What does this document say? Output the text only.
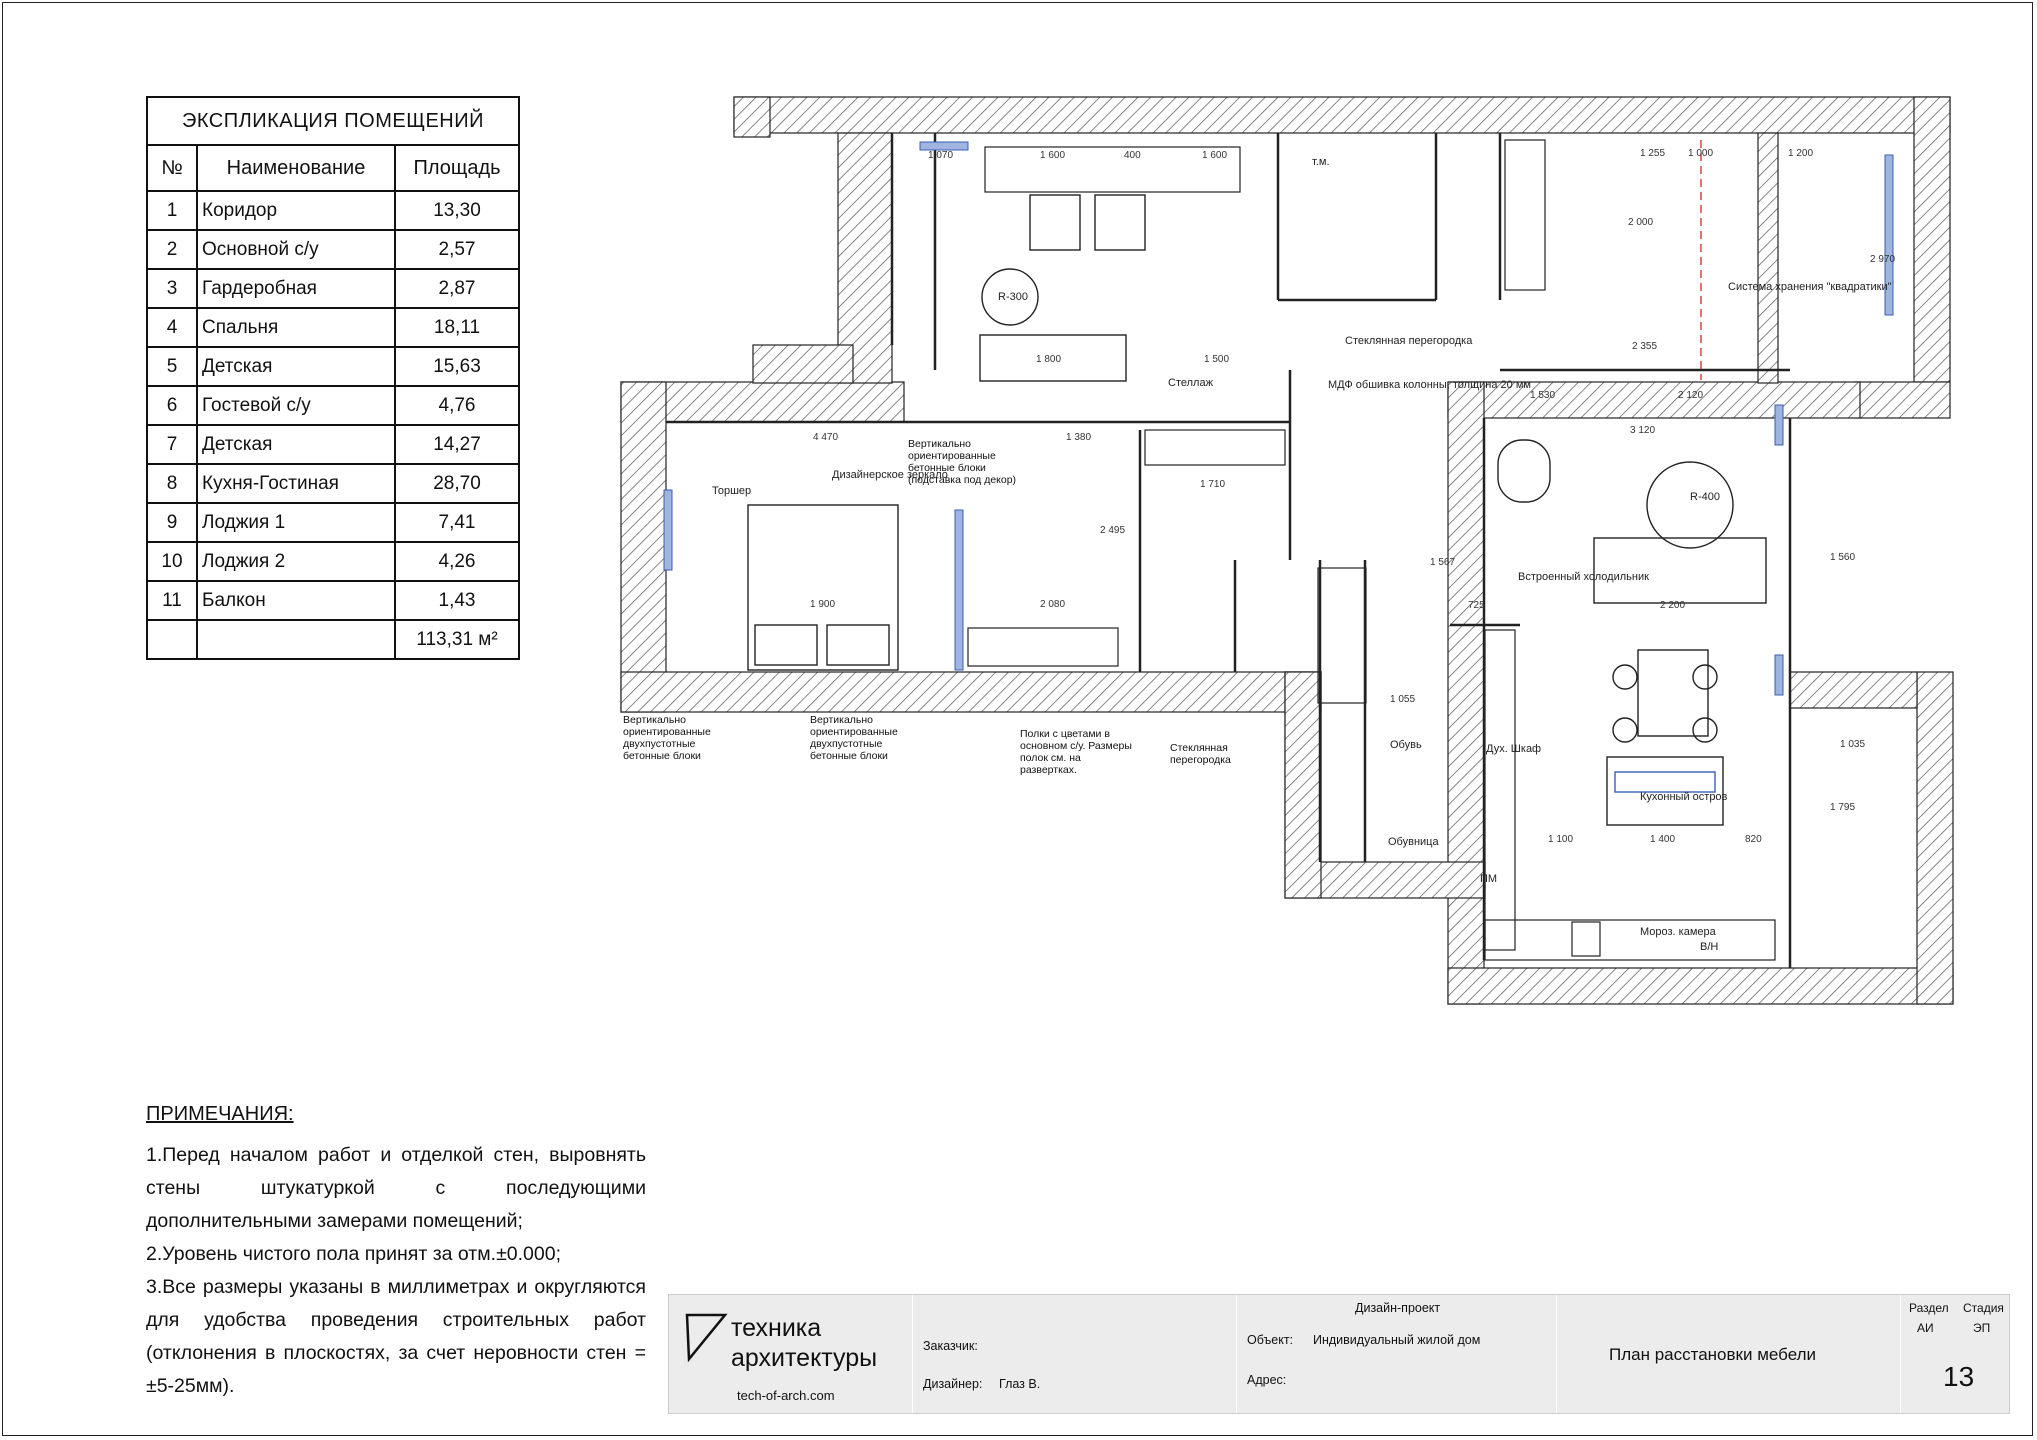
ЭКСПЛИКАЦИЯ ПОМЕЩЕНИЙ		
№	Наименование	Площадь
1	Коридор	13,30
2	Основной с/у	2,57
3	Гардеробная	2,87
4	Спальня	18,11
5	Детская	15,63
6	Гостевой с/у	4,76
7	Детская	14,27
8	Кухня-Гостиная	28,70
9	Лоджия 1	7,41
10	Лоджия 2	4,26
11	Балкон	1,43
		113,31 м²
1 070	1 600	400	1 600
4 470	1 380
1 710
3 120
2 120
1 530
2 080
1 900	2 200
1 400
1 100	820
1 255 1 000	1 200
1 800	1 500
2 355
2 000
1 055
725
1 035
2 495
1 567	1 560
1 795
2 970
Торшер
Дизайнерское зеркало
Стеллаж
Стеклянная перегородка
МДФ обшивка колонны, толщина 20 мм
Система хранения "квадратики"
Встроенный холодильник
Кухонный остров
Обувь
Обувница
Дух. Шкаф
ПМ
Мороз. камера
В/Н
т.м.
R-300
R-400
Вертикально ориентированные двухпустотные бетонные блоки
Вертикально ориентированные двухпустотные бетонные блоки
Полки с цветами в основном с/у. Размеры полок см. на развертках.
Стеклянная перегородка
Вертикально ориентированные бетонные блоки (подставка под декор)
ПРИМЕЧАНИЯ:
1.Перед началом работ и отделкой стен, выровнять стены штукатуркой с последующими дополнительными замерами помещений;
2.Уровень чистого пола принят за отм.±0.000;
3.Все размеры указаны в миллиметрах и округляются для удобства проведения строительных работ (отклонения в плоскостях, за счет неровности стен = ±5-25мм).
техника
архитектуры
tech-of-arch.com
Заказчик:
Дизайнер: Глаз В.
Дизайн-проект
Объект: Индивидуальный жилой дом
Адрес:
План расстановки мебели
Раздел
АИ
Стадия
ЭП
13
